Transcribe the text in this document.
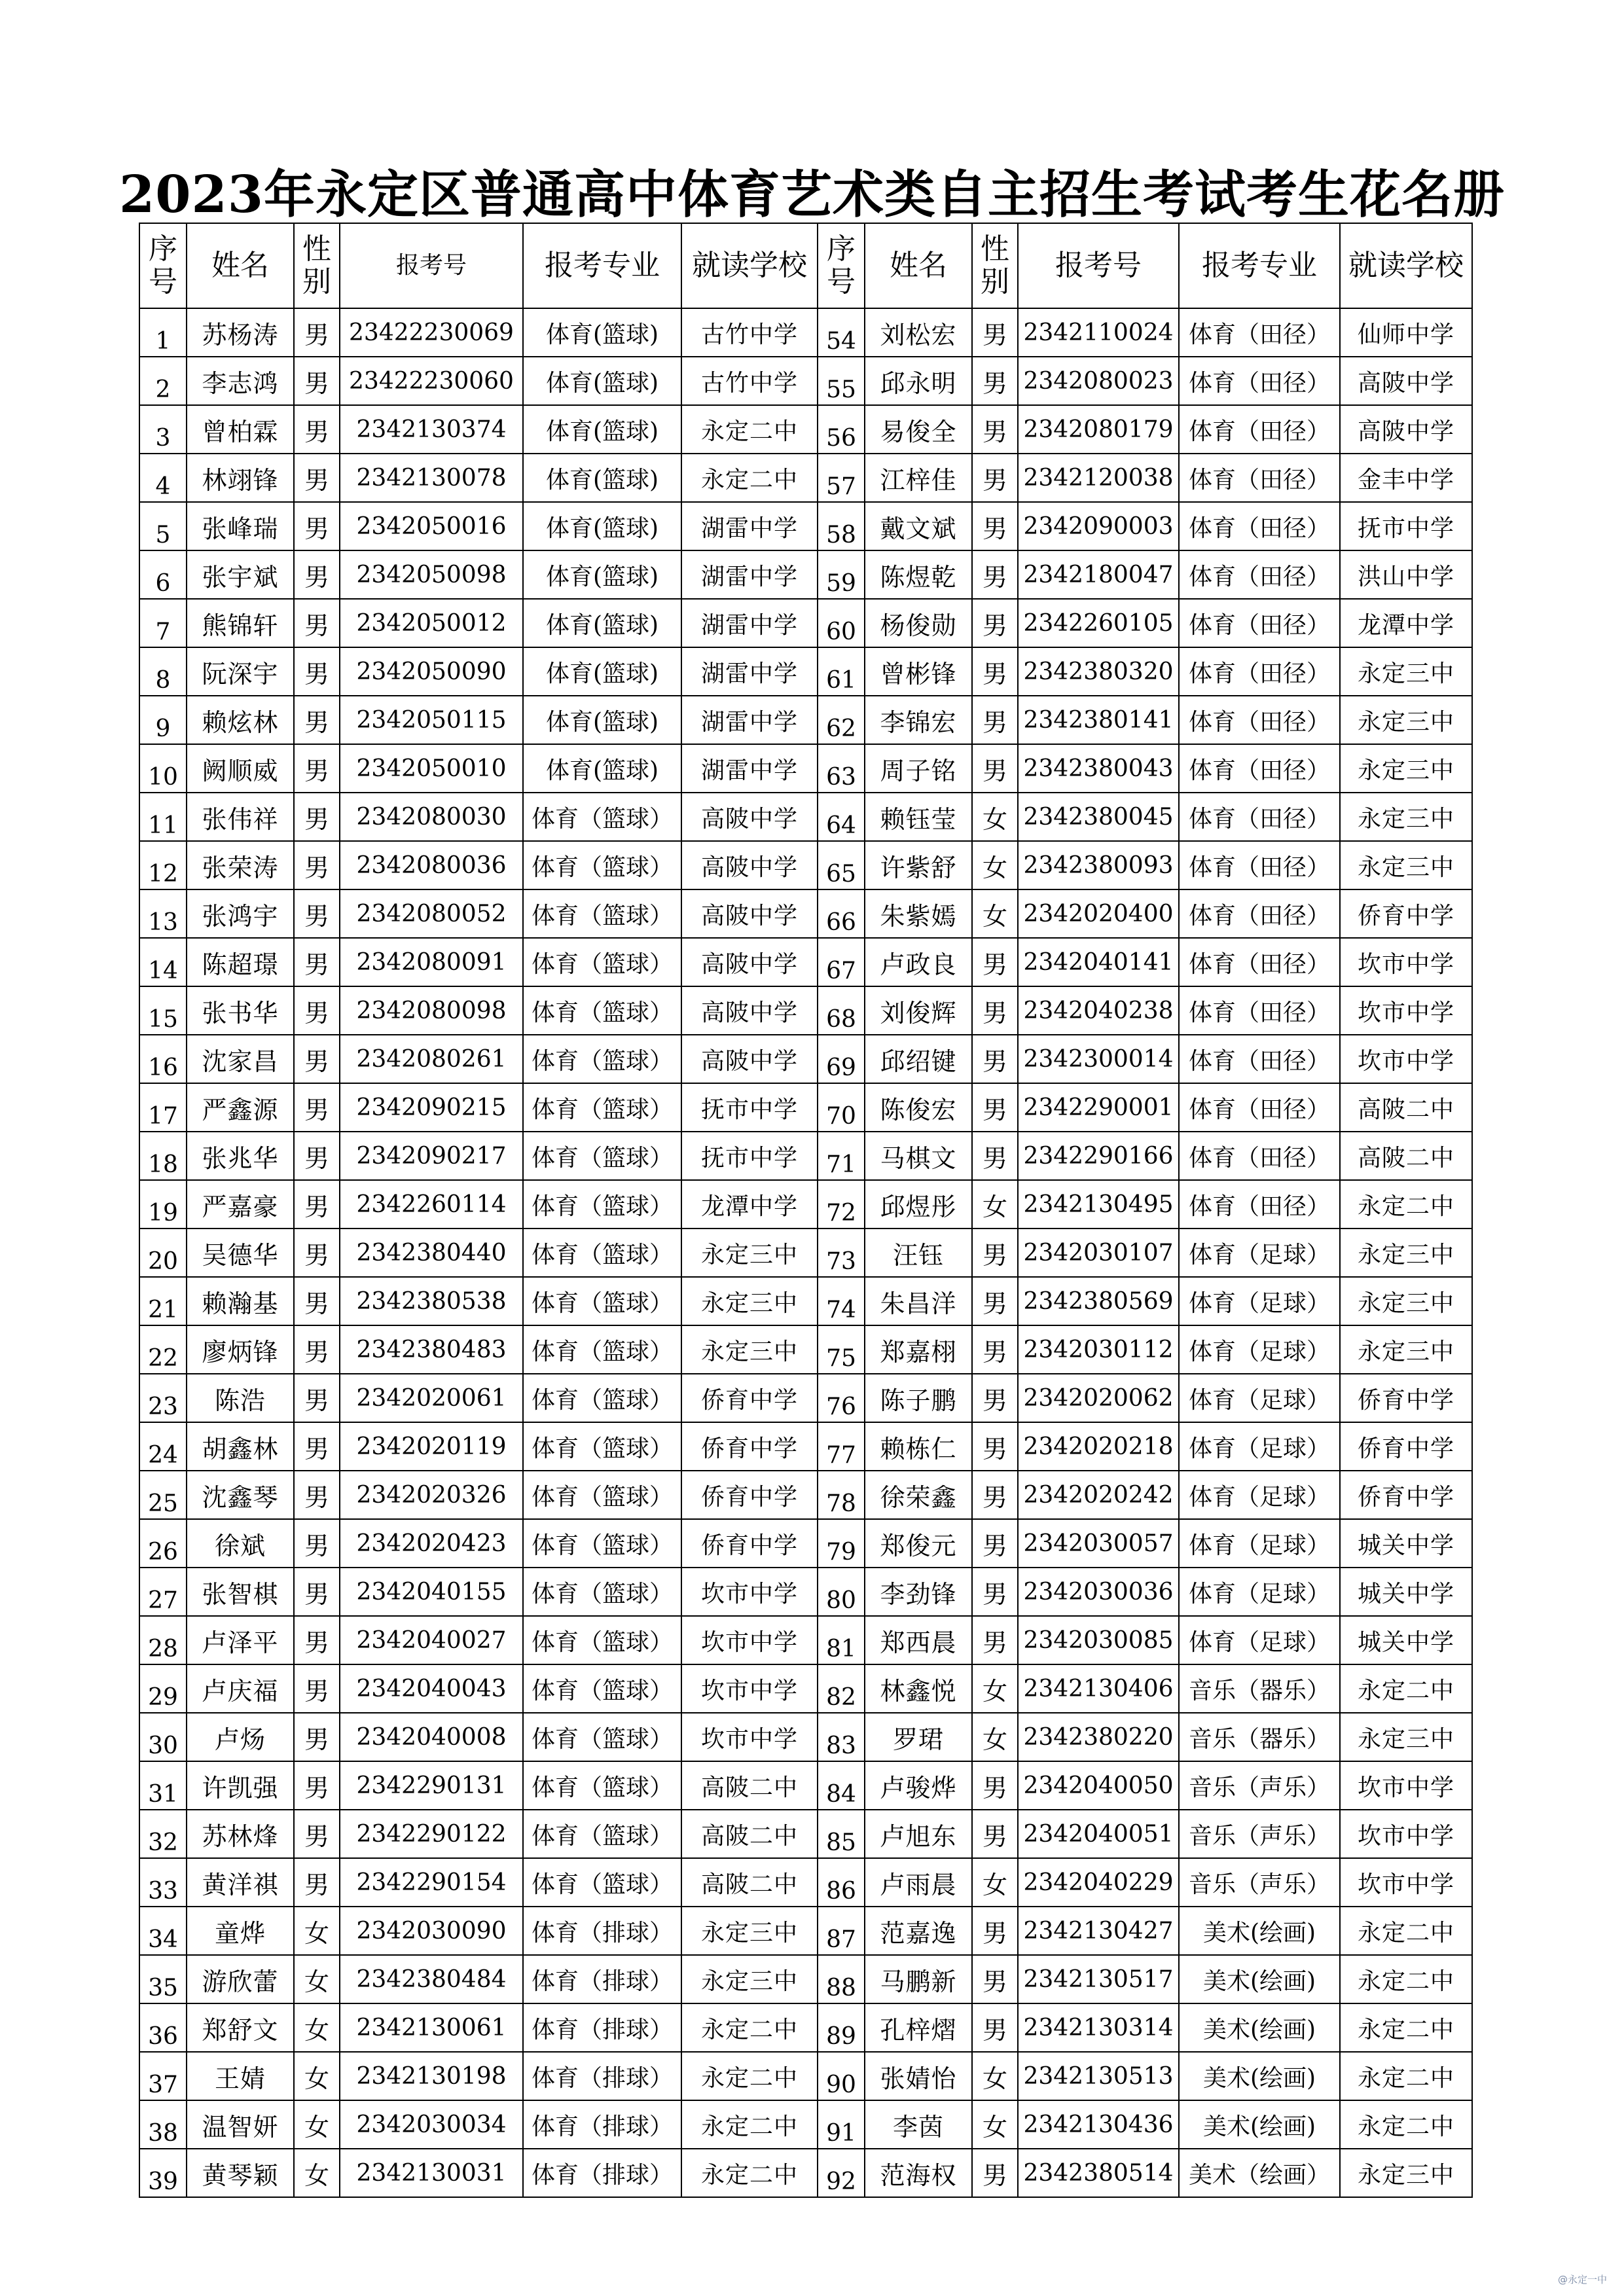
2023年永定区普通高中体育艺术类自主招生考试考生花名册
序
号	姓名	性
别	报考号	报考专业	就读学校	序
号	姓名	性
别	报考号	报考专业	就读学校
1	苏杨涛	男	23422230069	体育(篮球)	古竹中学	54	刘松宏	男	2342110024	体育（田径）	仙师中学
2	李志鸿	男	23422230060	体育(篮球)	古竹中学	55	邱永明	男	2342080023	体育（田径）	高陂中学
3	曾柏霖	男	2342130374	体育(篮球)	永定二中	56	易俊全	男	2342080179	体育（田径）	高陂中学
4	林翊锋	男	2342130078	体育(篮球)	永定二中	57	江梓佳	男	2342120038	体育（田径）	金丰中学
5	张峰瑞	男	2342050016	体育(篮球)	湖雷中学	58	戴文斌	男	2342090003	体育（田径）	抚市中学
6	张宇斌	男	2342050098	体育(篮球)	湖雷中学	59	陈煜乾	男	2342180047	体育（田径）	洪山中学
7	熊锦轩	男	2342050012	体育(篮球)	湖雷中学	60	杨俊勋	男	2342260105	体育（田径）	龙潭中学
8	阮深宇	男	2342050090	体育(篮球)	湖雷中学	61	曾彬锋	男	2342380320	体育（田径）	永定三中
9	赖炫林	男	2342050115	体育(篮球)	湖雷中学	62	李锦宏	男	2342380141	体育（田径）	永定三中
10	阙顺威	男	2342050010	体育(篮球)	湖雷中学	63	周子铭	男	2342380043	体育（田径）	永定三中
11	张伟祥	男	2342080030	体育（篮球）	高陂中学	64	赖钰莹	女	2342380045	体育（田径）	永定三中
12	张荣涛	男	2342080036	体育（篮球）	高陂中学	65	许紫舒	女	2342380093	体育（田径）	永定三中
13	张鸿宇	男	2342080052	体育（篮球）	高陂中学	66	朱紫嫣	女	2342020400	体育（田径）	侨育中学
14	陈超璟	男	2342080091	体育（篮球）	高陂中学	67	卢政良	男	2342040141	体育（田径）	坎市中学
15	张书华	男	2342080098	体育（篮球）	高陂中学	68	刘俊辉	男	2342040238	体育（田径）	坎市中学
16	沈家昌	男	2342080261	体育（篮球）	高陂中学	69	邱绍键	男	2342300014	体育（田径）	坎市中学
17	严鑫源	男	2342090215	体育（篮球）	抚市中学	70	陈俊宏	男	2342290001	体育（田径）	高陂二中
18	张兆华	男	2342090217	体育（篮球）	抚市中学	71	马棋文	男	2342290166	体育（田径）	高陂二中
19	严嘉豪	男	2342260114	体育（篮球）	龙潭中学	72	邱煜彤	女	2342130495	体育（田径）	永定二中
20	吴德华	男	2342380440	体育（篮球）	永定三中	73	汪钰	男	2342030107	体育（足球）	永定三中
21	赖瀚基	男	2342380538	体育（篮球）	永定三中	74	朱昌洋	男	2342380569	体育（足球）	永定三中
22	廖炳锋	男	2342380483	体育（篮球）	永定三中	75	郑嘉栩	男	2342030112	体育（足球）	永定三中
23	陈浩	男	2342020061	体育（篮球）	侨育中学	76	陈子鹏	男	2342020062	体育（足球）	侨育中学
24	胡鑫林	男	2342020119	体育（篮球）	侨育中学	77	赖栋仁	男	2342020218	体育（足球）	侨育中学
25	沈鑫琴	男	2342020326	体育（篮球）	侨育中学	78	徐荣鑫	男	2342020242	体育（足球）	侨育中学
26	徐斌	男	2342020423	体育（篮球）	侨育中学	79	郑俊元	男	2342030057	体育（足球）	城关中学
27	张智棋	男	2342040155	体育（篮球）	坎市中学	80	李劲锋	男	2342030036	体育（足球）	城关中学
28	卢泽平	男	2342040027	体育（篮球）	坎市中学	81	郑西晨	男	2342030085	体育（足球）	城关中学
29	卢庆福	男	2342040043	体育（篮球）	坎市中学	82	林鑫悦	女	2342130406	音乐（器乐）	永定二中
30	卢炀	男	2342040008	体育（篮球）	坎市中学	83	罗珺	女	2342380220	音乐（器乐）	永定三中
31	许凯强	男	2342290131	体育（篮球）	高陂二中	84	卢骏烨	男	2342040050	音乐（声乐）	坎市中学
32	苏林烽	男	2342290122	体育（篮球）	高陂二中	85	卢旭东	男	2342040051	音乐（声乐）	坎市中学
33	黄洋祺	男	2342290154	体育（篮球）	高陂二中	86	卢雨晨	女	2342040229	音乐（声乐）	坎市中学
34	童烨	女	2342030090	体育（排球）	永定三中	87	范嘉逸	男	2342130427	美术(绘画)	永定二中
35	游欣蕾	女	2342380484	体育（排球）	永定三中	88	马鹏新	男	2342130517	美术(绘画)	永定二中
36	郑舒文	女	2342130061	体育（排球）	永定二中	89	孔梓熠	男	2342130314	美术(绘画)	永定二中
37	王婧	女	2342130198	体育（排球）	永定二中	90	张婧怡	女	2342130513	美术(绘画)	永定二中
38	温智妍	女	2342030034	体育（排球）	永定二中	91	李茵	女	2342130436	美术(绘画)	永定二中
39	黄琴颖	女	2342130031	体育（排球）	永定二中	92	范海权	男	2342380514	美术（绘画）	永定三中
@永定一中
